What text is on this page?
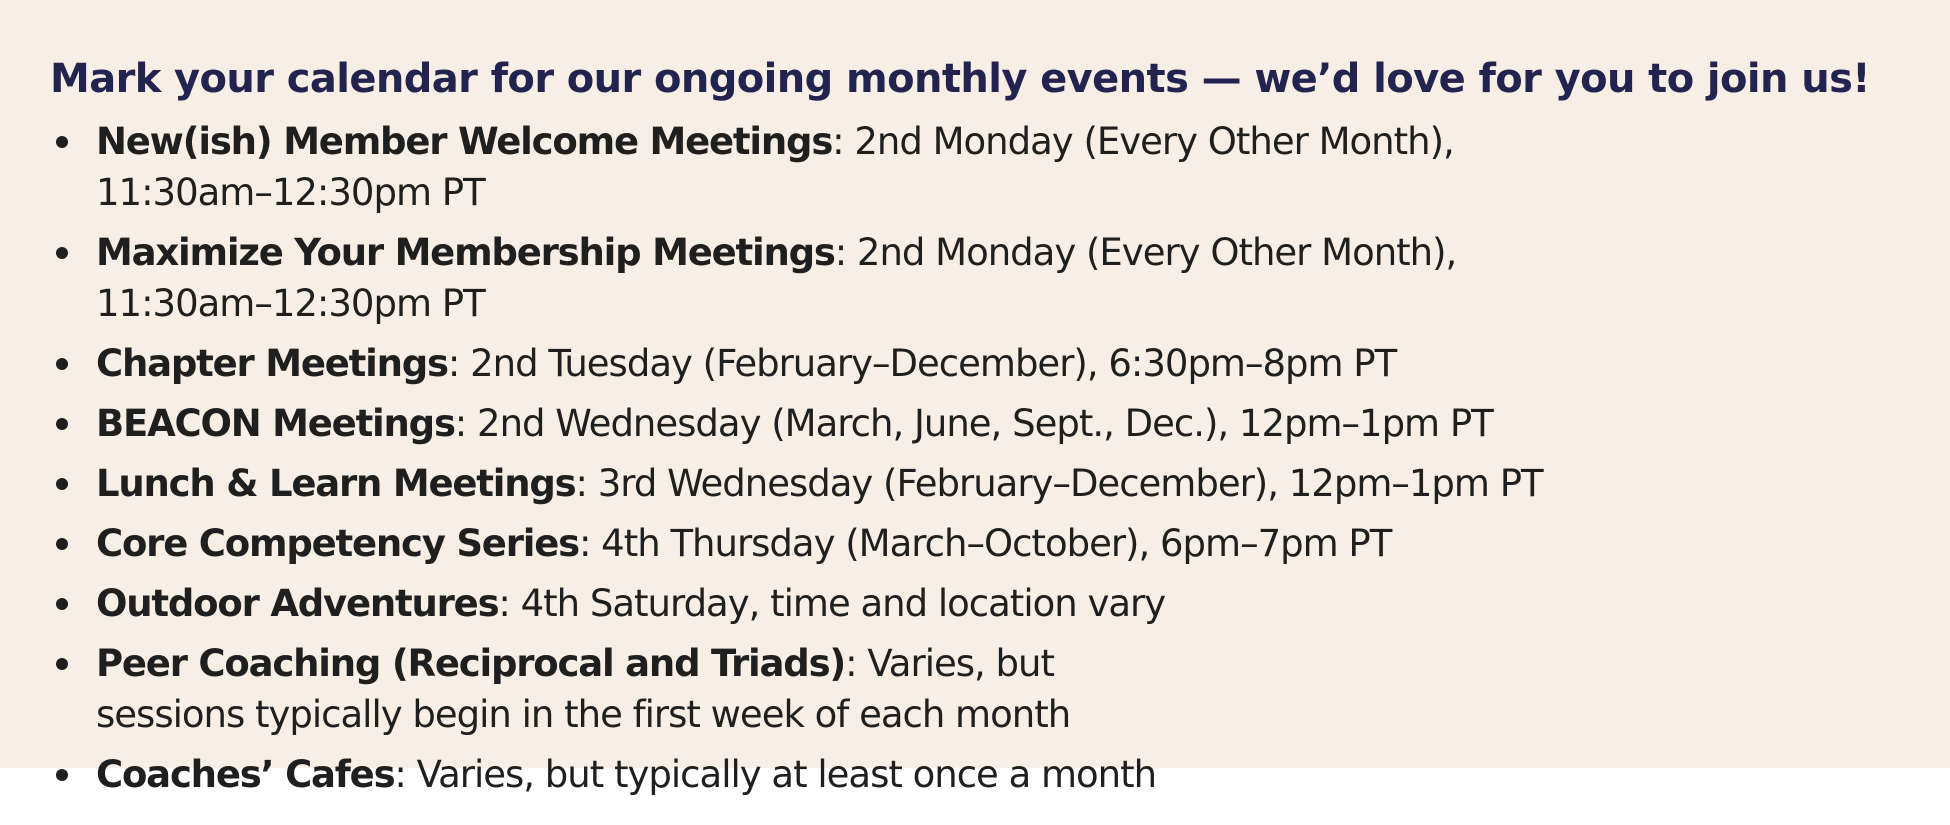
Mark your calendar for our ongoing monthly events — we’d love for you to join us!
New(ish) Member Welcome Meetings: 2nd Monday (Every Other Month), 11:30am–12:30pm PT
Maximize Your Membership Meetings: 2nd Monday (Every Other Month), 11:30am–12:30pm PT
Chapter Meetings: 2nd Tuesday (February–December), 6:30pm–8pm PT
BEACON Meetings: 2nd Wednesday (March, June, Sept., Dec.), 12pm–1pm PT
Lunch & Learn Meetings: 3rd Wednesday (February–December), 12pm–1pm PT
Core Competency Series: 4th Thursday (March–October), 6pm–7pm PT
Outdoor Adventures: 4th Saturday, time and location vary
Peer Coaching (Reciprocal and Triads): Varies, but sessions typically begin in the first week of each month
Coaches’ Cafes: Varies, but typically at least once a month
